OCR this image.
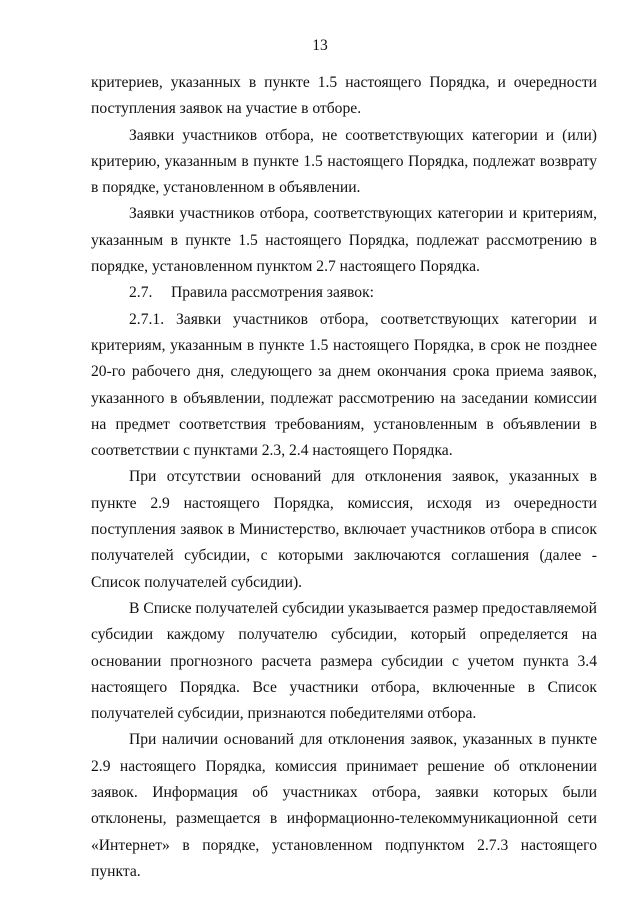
13

критериев, указанных в пункте 1.5 настоящего Порядка, и очередности поступления заявок на участие в отборе.

Заявки участников отбора, не соответствующих категории и (или) критерию, указанным в пункте 1.5 настоящего Порядка, подлежат возврату в порядке, установленном в объявлении.

Заявки участников отбора, соответствующих категории и критериям, указанным в пункте 1.5 настоящего Порядка, подлежат рассмотрению в порядке, установленном пунктом 2.7 настоящего Порядка.

2.7. Правила рассмотрения заявок:

2.7.1. Заявки участников отбора, соответствующих категории и критериям, указанным в пункте 1.5 настоящего Порядка, в срок не позднее 20-го рабочего дня, следующего за днем окончания срока приема заявок, указанного в объявлении, подлежат рассмотрению на заседании комиссии на предмет соответствия требованиям, установленным в объявлении в соответствии с пунктами 2.3, 2.4 настоящего Порядка.

При отсутствии оснований для отклонения заявок, указанных в пункте 2.9 настоящего Порядка, комиссия, исходя из очередности поступления заявок в Министерство, включает участников отбора в список получателей субсидии, с которыми заключаются соглашения (далее - Список получателей субсидии).

В Списке получателей субсидии указывается размер предоставляемой субсидии каждому получателю субсидии, который определяется на основании прогнозного расчета размера субсидии с учетом пункта 3.4 настоящего Порядка. Все участники отбора, включенные в Список получателей субсидии, признаются победителями отбора.

При наличии оснований для отклонения заявок, указанных в пункте 2.9 настоящего Порядка, комиссия принимает решение об отклонении заявок. Информация об участниках отбора, заявки которых были отклонены, размещается в информационно-телекоммуникационной сети «Интернет» в порядке, установленном подпунктом 2.7.3 настоящего пункта.
